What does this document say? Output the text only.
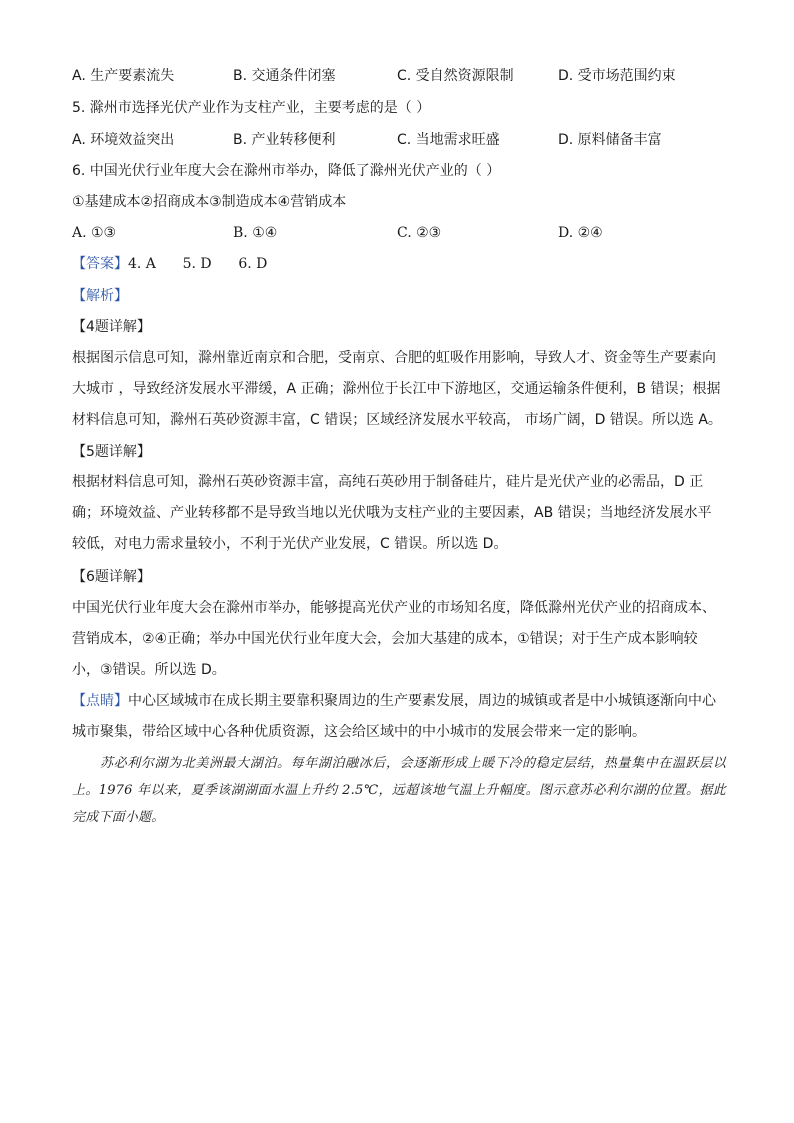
A. 生产要素流失	B. 交通条件闭塞	C. 受自然资源限制	D. 受市场范围约束
5. 滁州市选择光伏产业作为支柱产业，主要考虑的是（ ）
A. 环境效益突出	B. 产业转移便利	C. 当地需求旺盛	D. 原料储备丰富
6. 中国光伏行业年度大会在滁州市举办，降低了滁州光伏产业的（ ）
①基建成本②招商成本③制造成本④营销成本
A. ①③	B. ①④	C. ②③	D. ②④
【答案】4. A      5. D      6. D
【解析】
【4题详解】
根据图示信息可知，滁州靠近南京和合肥，受南京、合肥的虹吸作用影响，导致人才、资金等生产要素向
大城市 ，导致经济发展水平滞缓，A 正确；滁州位于长江中下游地区，交通运输条件便利，B 错误；根据
材料信息可知，滁州石英砂资源丰富，C 错误；区域经济发展水平较高， 市场广阔，D 错误。所以选 A。
【5题详解】
根据材料信息可知，滁州石英砂资源丰富，高纯石英砂用于制备硅片，硅片是光伏产业的必需品，D 正
确；环境效益、产业转移都不是导致当地以光伏哦为支柱产业的主要因素，AB 错误；当地经济发展水平
较低，对电力需求量较小，不利于光伏产业发展，C 错误。所以选 D。
【6题详解】
中国光伏行业年度大会在滁州市举办，能够提高光伏产业的市场知名度，降低滁州光伏产业的招商成本、
营销成本，②④正确；举办中国光伏行业年度大会，会加大基建的成本，①错误；对于生产成本影响较
小，③错误。所以选 D。
【点睛】中心区域城市在成长期主要靠积聚周边的生产要素发展，周边的城镇或者是中小城镇逐渐向中心
城市聚集，带给区域中心各种优质资源，这会给区域中的中小城市的发展会带来一定的影响。
苏必利尔湖为北美洲最大湖泊。每年湖泊融冰后，会逐渐形成上暖下冷的稳定层结，热量集中在温跃层以上。1976 年以来，夏季该湖湖面水温上升约 2.5℃，远超该地气温上升幅度。图示意苏必利尔湖的位置。据此完成下面小题。
